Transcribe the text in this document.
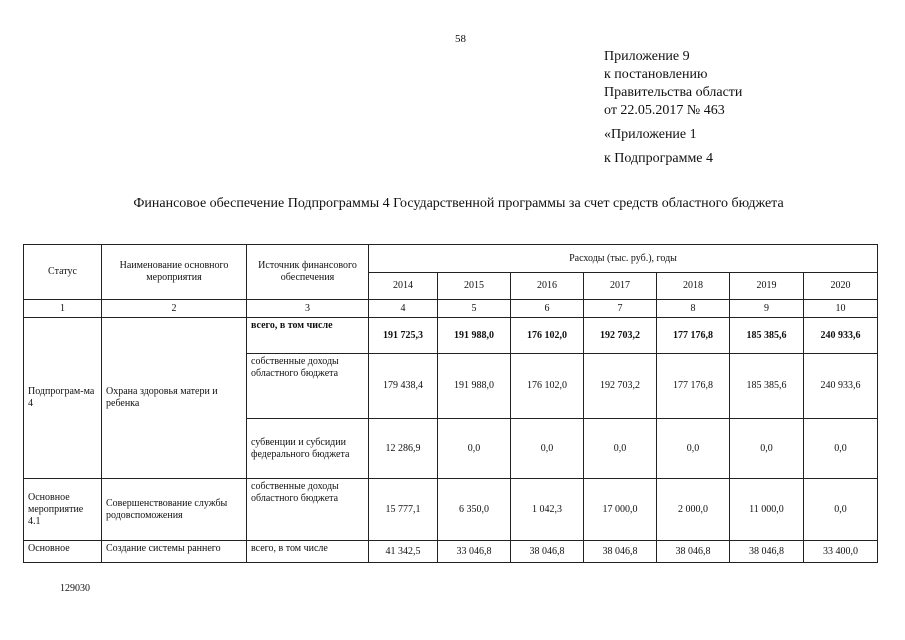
58
Приложение 9
к постановлению
Правительства области
от 22.05.2017 № 463
«Приложение 1
к Подпрограмме 4
Финансовое обеспечение Подпрограммы 4 Государственной программы за счет средств областного бюджета
Статус	Наименование основного мероприятия	Источник финансового обеспечения	Расходы (тыс. руб.), годы						
			2014	2015	2016	2017	2018	2019	2020
1	2	3	4	5	6	7	8	9	10
Подпрограм-ма 4	Охрана здоровья матери и ребенка	всего, в том числе	191 725,3	191 988,0	176 102,0	192 703,2	177 176,8	185 385,6	240 933,6
		собственные доходы областного бюджета	179 438,4	191 988,0	176 102,0	192 703,2	177 176,8	185 385,6	240 933,6
		субвенции и субсидии федерального бюджета	12 286,9	0,0	0,0	0,0	0,0	0,0	0,0
Основное мероприятие 4.1	Совершенствование службы родовспоможения	собственные доходы областного бюджета	15 777,1	6 350,0	1 042,3	17 000,0	2 000,0	11 000,0	0,0
Основное	Создание системы раннего	всего, в том числе	41 342,5	33 046,8	38 046,8	38 046,8	38 046,8	38 046,8	33 400,0
129030
